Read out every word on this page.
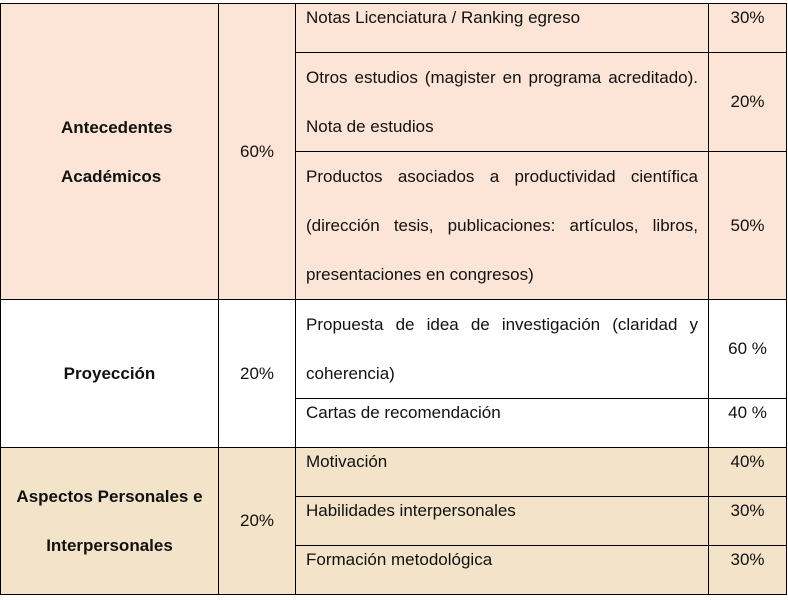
Antecedentes Académicos	60%	Notas Licenciatura / Ranking egreso	30%
		Otros estudios (magister en programa acreditado). Nota de estudios	20%
		Productos asociados a productividad científica (dirección tesis, publicaciones: artículos, libros, presentaciones en congresos)	50%
Proyección	20%	Propuesta de idea de investigación (claridad y coherencia)	60 %

		Cartas de recomendación	40 %
Aspectos Personales e Interpersonales	20%	Motivación	40%

		Habilidades interpersonales	30%

		Formación metodológica	30%
